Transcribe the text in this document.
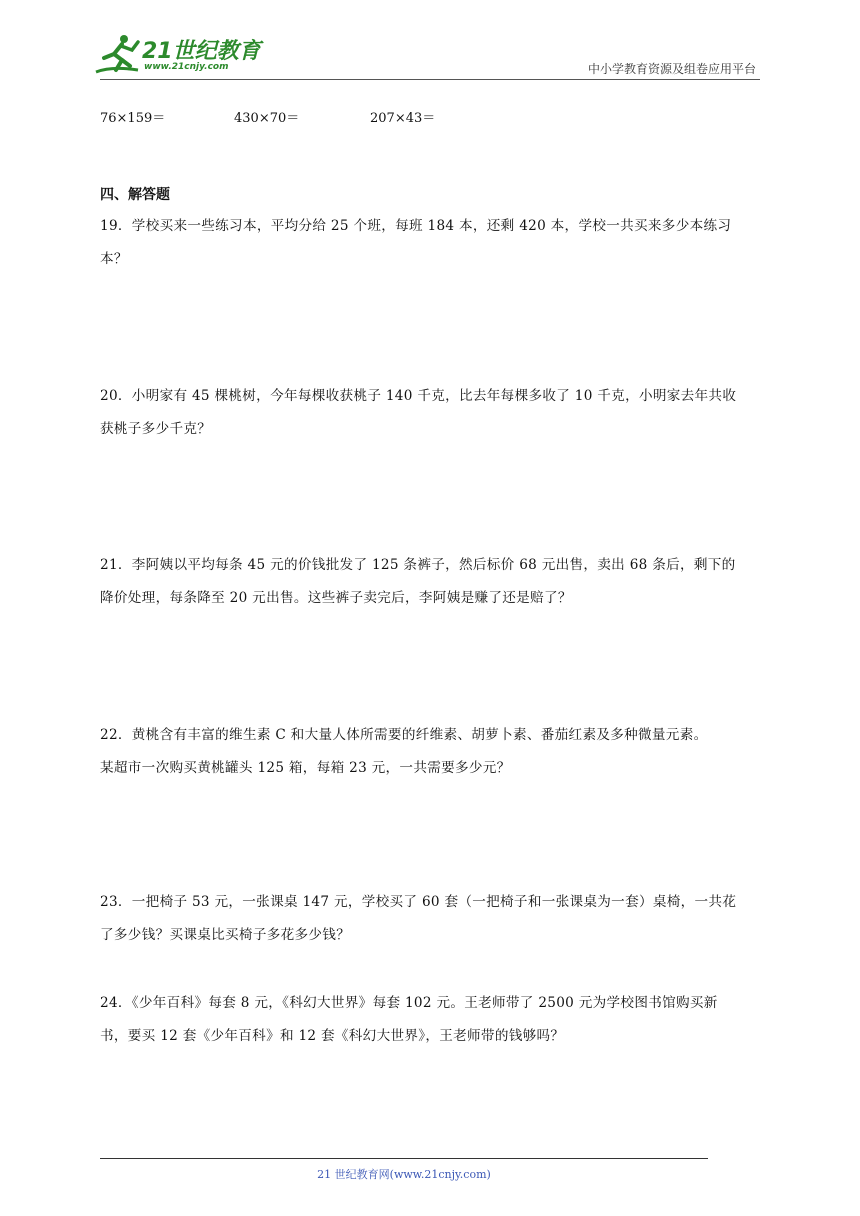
21世纪教育
www.21cnjy.com	中小学教育资源及组卷应用平台
76×159＝	430×70＝	207×43＝
四、解答题
19．学校买来一些练习本，平均分给 25 个班，每班 184 本，还剩 420 本，学校一共买来多少本练习
本？
20．小明家有 45 棵桃树，今年每棵收获桃子 140 千克，比去年每棵多收了 10 千克，小明家去年共收
获桃子多少千克？
21．李阿姨以平均每条 45 元的价钱批发了 125 条裤子，然后标价 68 元出售，卖出 68 条后，剩下的
降价处理，每条降至 20 元出售。这些裤子卖完后，李阿姨是赚了还是赔了？
22．黄桃含有丰富的维生素 C 和大量人体所需要的纤维素、胡萝卜素、番茄红素及多种微量元素。
某超市一次购买黄桃罐头 125 箱，每箱 23 元，一共需要多少元？
23．一把椅子 53 元，一张课桌 147 元，学校买了 60 套（一把椅子和一张课桌为一套）桌椅，一共花
了多少钱？买课桌比买椅子多花多少钱？
24．《少年百科》每套 8 元，《科幻大世界》每套 102 元。王老师带了 2500 元为学校图书馆购买新
书，要买 12 套《少年百科》和 12 套《科幻大世界》，王老师带的钱够吗？
21 世纪教育网(www.21cnjy.com)
